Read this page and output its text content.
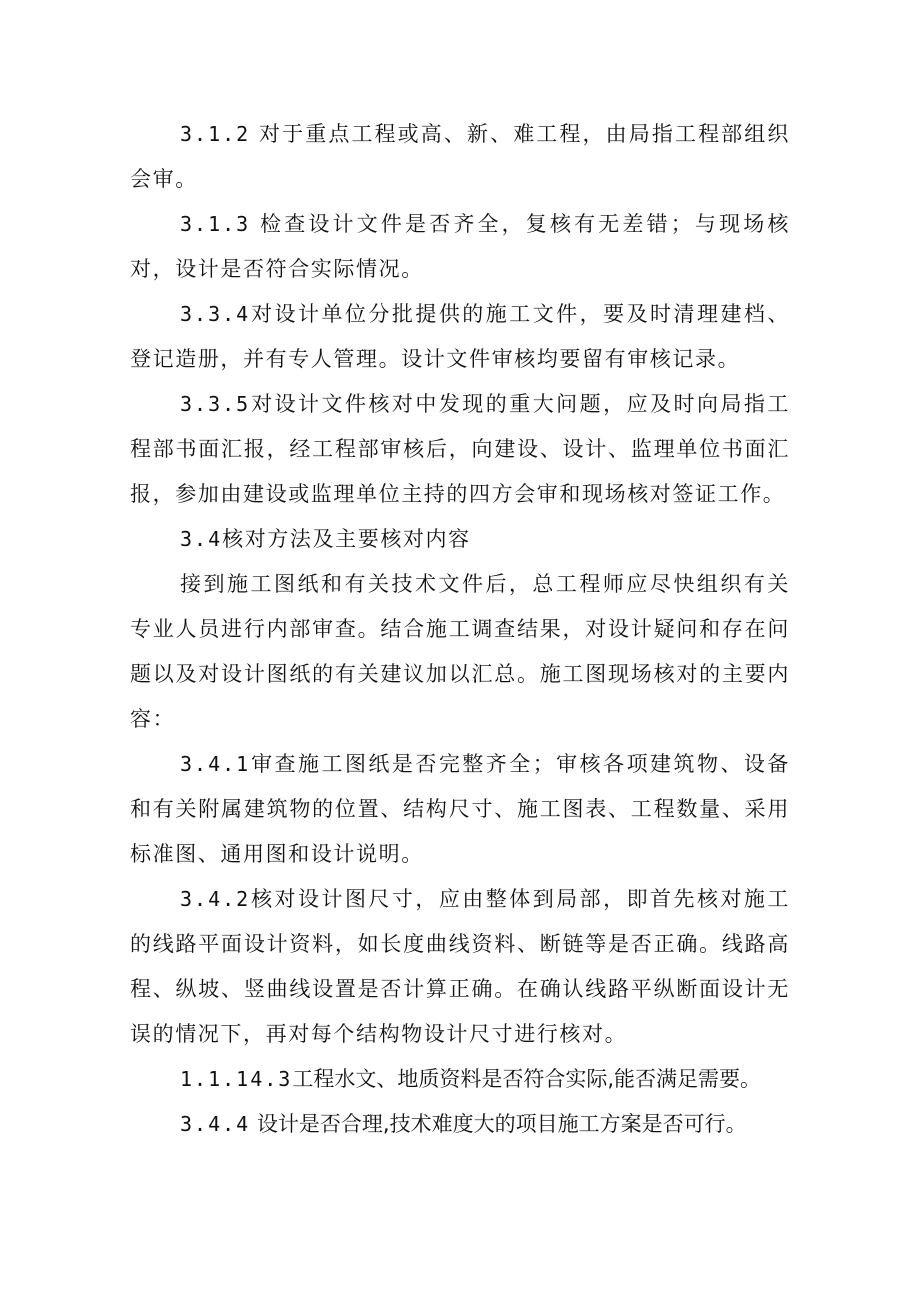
3.1.2 对于重点工程或高、新、难工程，由局指工程部组织会审。

3.1.3 检查设计文件是否齐全，复核有无差错；与现场核对，设计是否符合实际情况。

3.3.4对设计单位分批提供的施工文件，要及时清理建档、登记造册，并有专人管理。设计文件审核均要留有审核记录。

3.3.5对设计文件核对中发现的重大问题，应及时向局指工程部书面汇报，经工程部审核后，向建设、设计、监理单位书面汇报，参加由建设或监理单位主持的四方会审和现场核对签证工作。

3.4核对方法及主要核对内容

接到施工图纸和有关技术文件后，总工程师应尽快组织有关专业人员进行内部审查。结合施工调查结果，对设计疑问和存在问题以及对设计图纸的有关建议加以汇总。施工图现场核对的主要内容：

3.4.1审查施工图纸是否完整齐全；审核各项建筑物、设备和有关附属建筑物的位置、结构尺寸、施工图表、工程数量、采用标准图、通用图和设计说明。

3.4.2核对设计图尺寸，应由整体到局部，即首先核对施工的线路平面设计资料，如长度曲线资料、断链等是否正确。线路高程、纵坡、竖曲线设置是否计算正确。在确认线路平纵断面设计无误的情况下，再对每个结构物设计尺寸进行核对。

1.1.14.3工程水文、地质资料是否符合实际,能否满足需要。

3.4.4 设计是否合理,技术难度大的项目施工方案是否可行。
